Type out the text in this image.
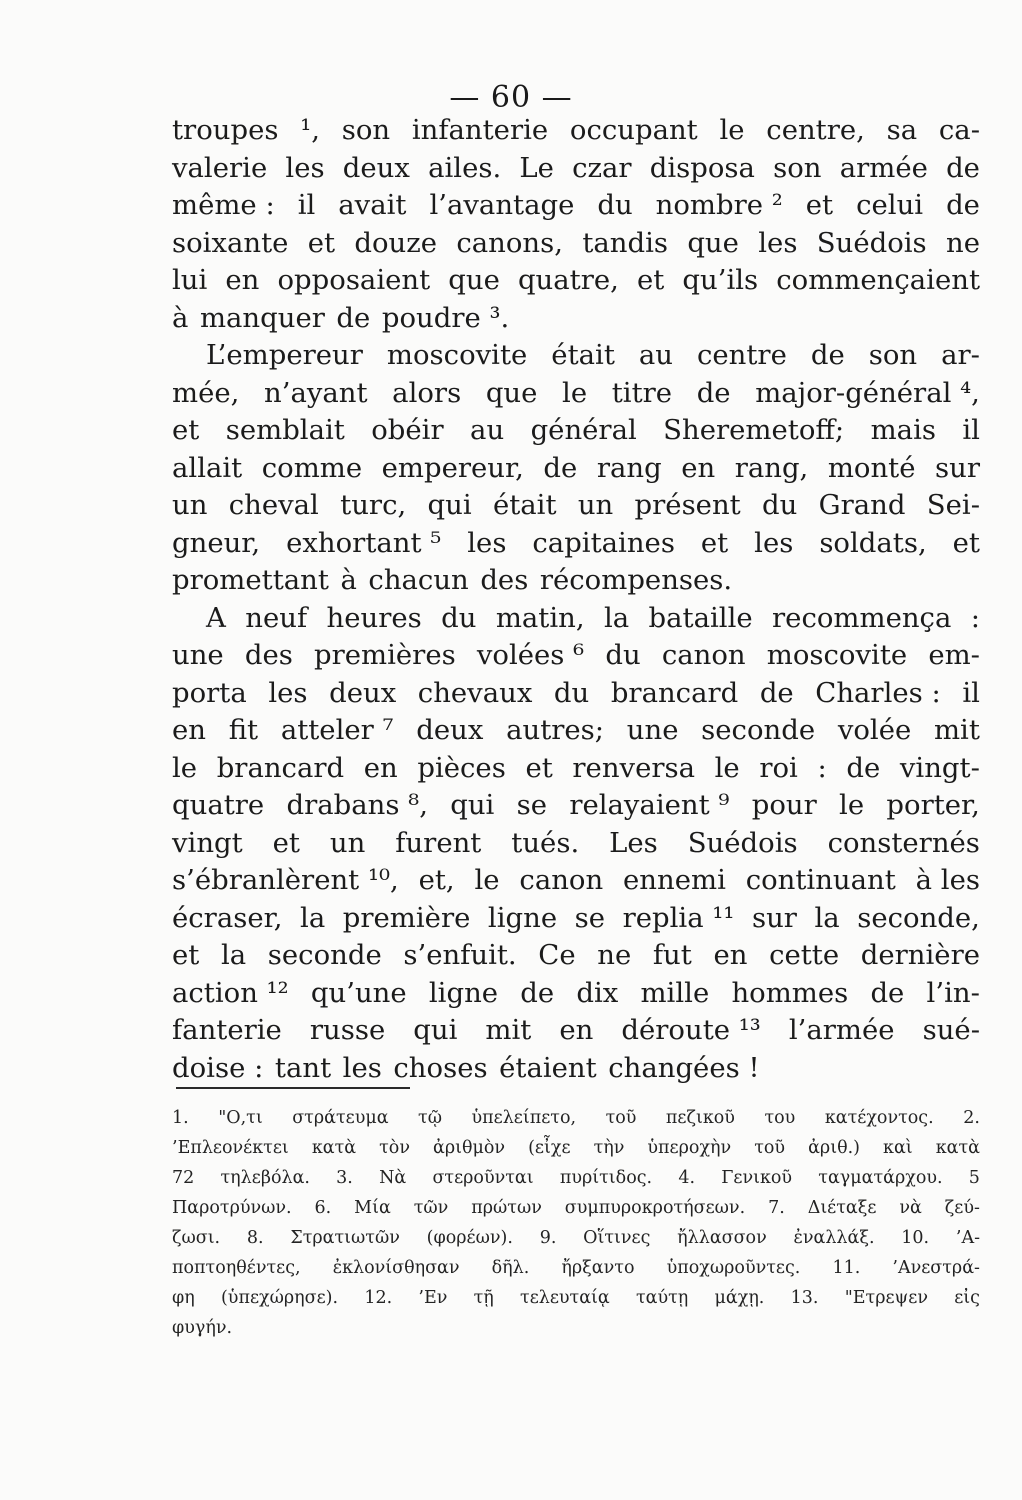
— 60 —
troupes ¹, son infanterie occupant le centre, sa ca-
valerie les deux ailes. Le czar disposa son armée de
même : il avait l’avantage du nombre ² et celui de
soixante et douze canons, tandis que les Suédois ne
lui en opposaient que quatre, et qu’ils commençaient
à manquer de poudre ³.
L’empereur moscovite était au centre de son ar-
mée, n’ayant alors que le titre de major-général ⁴,
et semblait obéir au général Sheremetoff; mais il
allait comme empereur, de rang en rang, monté sur
un cheval turc, qui était un présent du Grand Sei-
gneur, exhortant ⁵ les capitaines et les soldats, et
promettant à chacun des récompenses.
A neuf heures du matin, la bataille recommença :
une des premières volées ⁶ du canon moscovite em-
porta les deux chevaux du brancard de Charles : il
en fit atteler ⁷ deux autres; une seconde volée mit
le brancard en pièces et renversa le roi : de vingt-
quatre drabans ⁸, qui se relayaient ⁹ pour le porter,
vingt et un furent tués. Les Suédois consternés
s’ébranlèrent ¹⁰, et, le canon ennemi continuant à les
écraser, la première ligne se replia ¹¹ sur la seconde,
et la seconde s’enfuit. Ce ne fut en cette dernière
action ¹² qu’une ligne de dix mille hommes de l’in-
fanterie russe qui mit en déroute ¹³ l’armée sué-
doise : tant les choses étaient changées !
1. "Ο,τι στράτευμα τῷ ὑπελείπετο, τοῦ πεζικοῦ του κατέχοντος. 2.
’Επλεονέκτει κατὰ τὸν ἀριθμὸν (εἶχε τὴν ὑπεροχὴν τοῦ ἀριθ.) καὶ κατὰ
72 τηλεβόλα. 3. Νὰ στεροῦνται πυρίτιδος. 4. Γενικοῦ ταγματάρχου. 5
Παροτρύνων. 6. Μία τῶν πρώτων συμπυροκροτήσεων. 7. Διέταξε νὰ ζεύ-
ζωσι. 8. Στρατιωτῶν (φορέων). 9. Οἵτινες ἤλλασσον ἐναλλάξ. 10. ’Α-
ποπτοηθέντες, ἐκλονίσθησαν δῆλ. ἤρξαντο ὑποχωροῦντες. 11. ’Ανεστρά-
φη (ὑπεχώρησε). 12. ’Εν τῇ τελευταίᾳ ταύτῃ μάχῃ. 13. "Ετρεψεν εἰς
φυγήν.
